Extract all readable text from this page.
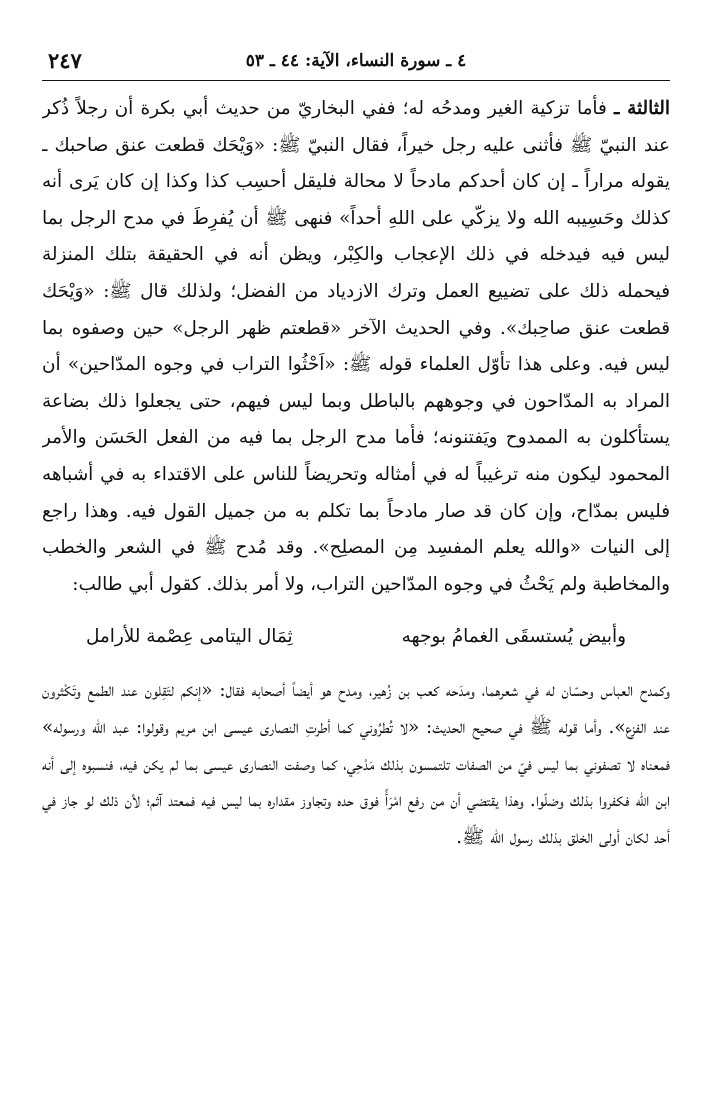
٢٤٧	٤ ـ سورة النساء، الآية: ٤٤ ـ ٥٣

الثالثة ـ فأما تزكية الغير ومدحُه له؛ ففي البخاريّ من حديث أبي بكرة أن رجلاً ذُكر عند النبيّ ﷺ فأثنى عليه رجل خيراً، فقال النبيّ ﷺ: «وَيْحَك قطعت عنق صاحبك ـ يقوله مراراً ـ إن كان أحدكم مادحاً لا محالة فليقل أحسِب كذا وكذا إن كان يَرى أنه كذلك وحَسِيبه الله ولا يزكّي على اللهِ أحداً» فنهى ﷺ أن يُفرِطَ في مدح الرجل بما ليس فيه فيدخله في ذلك الإعجاب والكِبْر، ويظن أنه في الحقيقة بتلك المنزلة فيحمله ذلك على تضييع العمل وترك الازدياد من الفضل؛ ولذلك قال ﷺ: «وَيْحَك قطعت عنق صاحِبك». وفي الحديث الآخر «قطعتم ظهر الرجل» حين وصفوه بما ليس فيه. وعلى هذا تأوّل العلماء قوله ﷺ: «اَحْثُوا التراب في وجوه المدّاحين» أن المراد به المدّاحون في وجوههم بالباطل وبما ليس فيهم، حتى يجعلوا ذلك بضاعة يستأكلون به الممدوح ويَفتنونه؛ فأما مدح الرجل بما فيه من الفعل الحَسَن والأمر المحمود ليكون منه ترغيباً له في أمثاله وتحريضاً للناس على الاقتداء به في أشباهه فليس بمدّاح، وإن كان قد صار مادحاً بما تكلم به من جميل القول فيه. وهذا راجع إلى النيات «والله يعلم المفسِد مِن المصلِح». وقد مُدح ﷺ في الشعر والخطب والمخاطبة ولم يَحْثُ في وجوه المدّاحين التراب، ولا أمر بذلك. كقول أبي طالب:

وأبيض يُستسقَى الغمامُ بوجهه
ثِمَال اليتامى عِصْمة للأرامل

وكمدح العباس وحسّان له في شعرهما، ومدَحه كعب بن زُهير، ومدح هو أيضاً أصحابه فقال: «إنكم لتَقِلون عند الطمع وتَكْثرون عند الفزع». وأما قوله ﷺ في صحيح الحديث: «لا تُطرُوني كما أطرتِ النصارى عيسى ابن مريم وقولوا: عبد الله ورسوله» فمعناه لا تصفوني بما ليس فيّ من الصفات تلتمسون بذلك مَدْحِي، كما وصفت النصارى عيسى بما لم يكن فيه، فنسبوه إلى أنه ابن الله فكفروا بذلك وضلّوا. وهذا يقتضي أن من رفع امْرَأً فوق حده وتجاوز مقداره بما ليس فيه فمعتد آثم؛ لأن ذلك لو جاز في أحد لكان أولى الخلق بذلك رسول الله ﷺ.
